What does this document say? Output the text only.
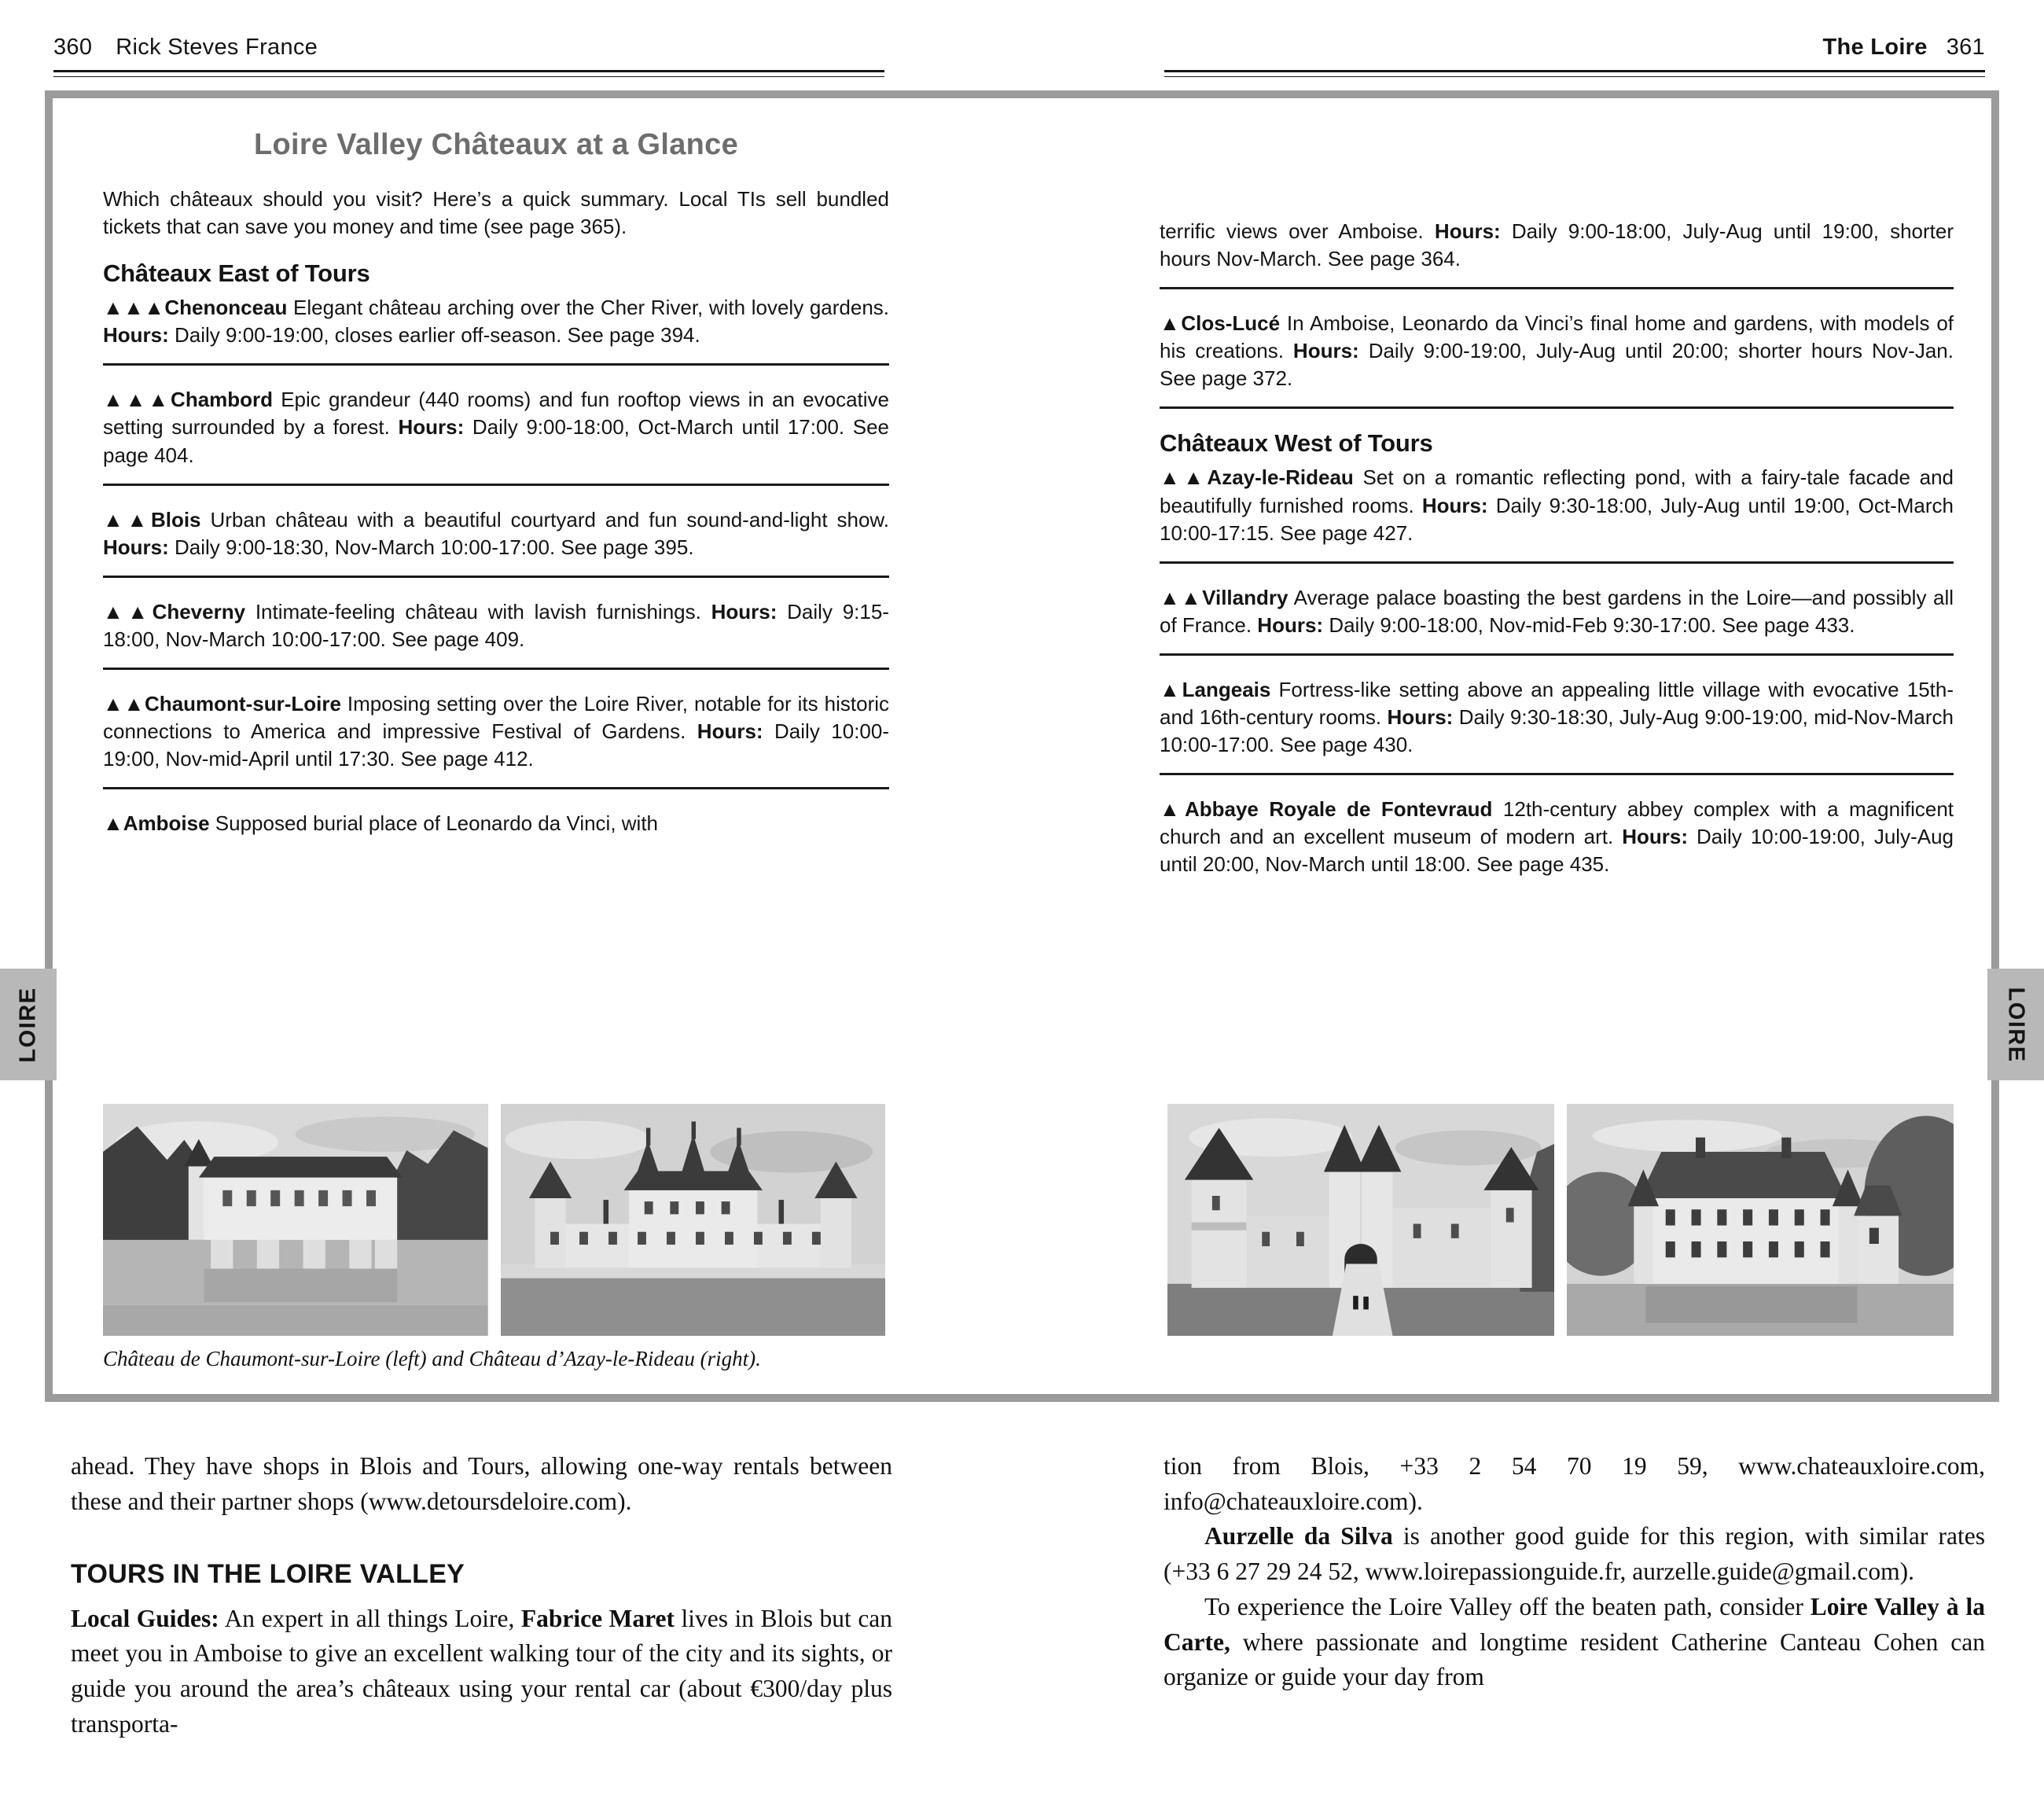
360 Rick Steves France	The Loire 361
Loire Valley Châteaux at a Glance

Which châteaux should you visit? Here’s a quick summary. Local TIs sell bundled tickets that can save you money and time (see page 365).

Châteaux East of Tours

▲▲▲Chenonceau Elegant château arching over the Cher River, with lovely gardens. Hours: Daily 9:00-19:00, closes earlier off-season. See page 394.

▲▲▲Chambord Epic grandeur (440 rooms) and fun rooftop views in an evocative setting surrounded by a forest. Hours: Daily 9:00-18:00, Oct-March until 17:00. See page 404.

▲▲Blois Urban château with a beautiful courtyard and fun sound-and-light show. Hours: Daily 9:00-18:30, Nov-March 10:00-17:00. See page 395.

▲▲Cheverny Intimate-feeling château with lavish furnishings. Hours: Daily 9:15-18:00, Nov-March 10:00-17:00. See page 409.

▲▲Chaumont-sur-Loire Imposing setting over the Loire River, notable for its historic connections to America and impressive Festival of Gardens. Hours: Daily 10:00-19:00, Nov-mid-April until 17:30. See page 412.

▲Amboise Supposed burial place of Leonardo da Vinci, with

terrific views over Amboise. Hours: Daily 9:00-18:00, July-Aug until 19:00, shorter hours Nov-March. See page 364.

▲Clos-Lucé In Amboise, Leonardo da Vinci’s final home and gardens, with models of his creations. Hours: Daily 9:00-19:00, July-Aug until 20:00; shorter hours Nov-Jan. See page 372.

Châteaux West of Tours

▲▲Azay-le-Rideau Set on a romantic reflecting pond, with a fairy-tale facade and beautifully furnished rooms. Hours: Daily 9:30-18:00, July-Aug until 19:00, Oct-March 10:00-17:15. See page 427.

▲▲Villandry Average palace boasting the best gardens in the Loire—and possibly all of France. Hours: Daily 9:00-18:00, Nov-mid-Feb 9:30-17:00. See page 433.

▲Langeais Fortress-like setting above an appealing little village with evocative 15th- and 16th-century rooms. Hours: Daily 9:30-18:30, July-Aug 9:00-19:00, mid-Nov-March 10:00-17:00. See page 430.

▲Abbaye Royale de Fontevraud 12th-century abbey complex with a magnificent church and an excellent museum of modern art. Hours: Daily 10:00-19:00, July-Aug until 20:00, Nov-March until 18:00. See page 435.

Château de Chaumont-sur-Loire (left) and Château d’Azay-le-Rideau (right).

LOIRE	LOIRE

ahead. They have shops in Blois and Tours, allowing one-way rentals between these and their partner shops (www.detoursdeloire.com).

TOURS IN THE LOIRE VALLEY

Local Guides: An expert in all things Loire, Fabrice Maret lives in Blois but can meet you in Amboise to give an excellent walking tour of the city and its sights, or guide you around the area’s châteaux using your rental car (about €300/day plus transporta-

tion from Blois, +33 2 54 70 19 59, www.chateauxloire.com, info@chateauxloire.com).

Aurzelle da Silva is another good guide for this region, with similar rates (+33 6 27 29 24 52, www.loirepassionguide.fr, aurzelle.guide@gmail.com).

To experience the Loire Valley off the beaten path, consider Loire Valley à la Carte, where passionate and longtime resident Catherine Canteau Cohen can organize or guide your day from
